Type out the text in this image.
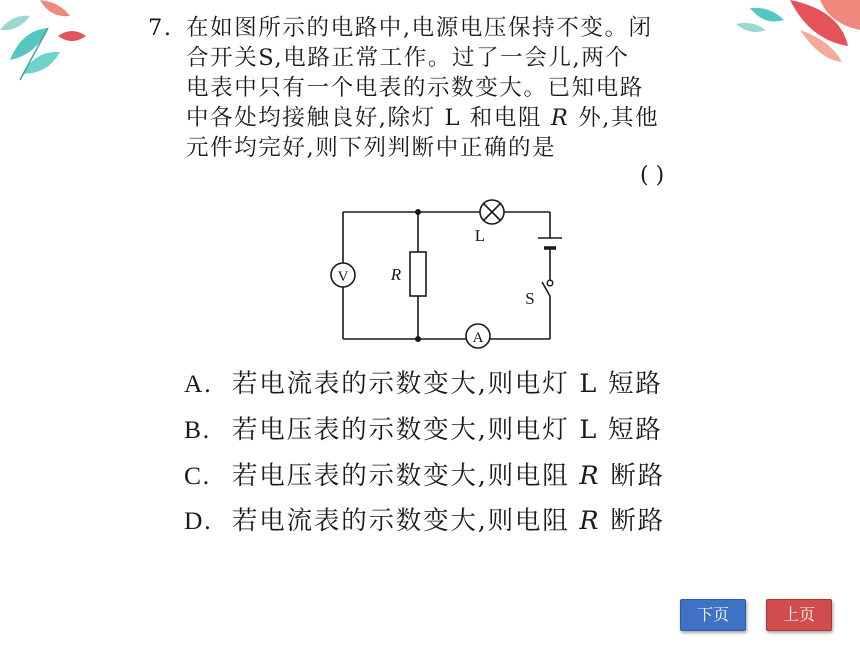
7. 在如图所示的电路中,电源电压保持不变。闭
合开关S,电路正常工作。过了一会儿,两个
电表中只有一个电表的示数变大。已知电路
中各处均接触良好,除灯 L 和电阻 R 外,其他
元件均完好,则下列判断中正确的是
( )
V R
L
S
A
A. 若电流表的示数变大,则电灯 L 短路
B. 若电压表的示数变大,则电灯 L 短路
C. 若电压表的示数变大,则电阻 R 断路
D. 若电流表的示数变大,则电阻 R 断路
下页	上页
